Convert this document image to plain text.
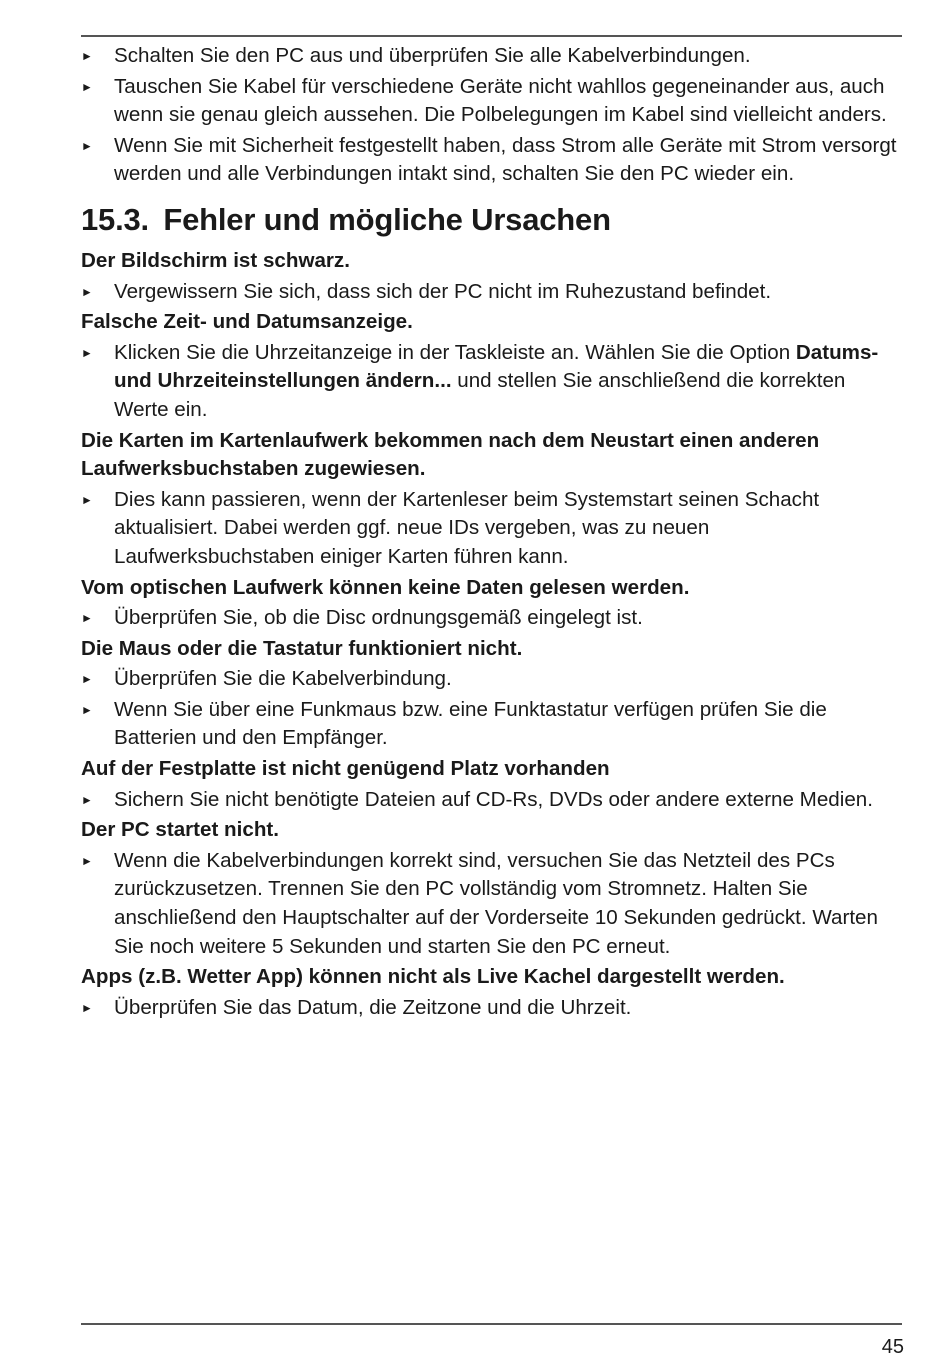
► Schalten Sie den PC aus und überprüfen Sie alle Kabelverbindungen.
► Tauschen Sie Kabel für verschiedene Geräte nicht wahllos gegeneinander aus, auch wenn sie genau gleich aussehen. Die Polbelegungen im Kabel sind vielleicht anders.
► Wenn Sie mit Sicherheit festgestellt haben, dass Strom alle Geräte mit Strom versorgt werden und alle Verbindungen intakt sind, schalten Sie den PC wieder ein.
15.3. Fehler und mögliche Ursachen
Der Bildschirm ist schwarz.
► Vergewissern Sie sich, dass sich der PC nicht im Ruhezustand befindet.
Falsche Zeit- und Datumsanzeige.
► Klicken Sie die Uhrzeitanzeige in der Taskleiste an. Wählen Sie die Option Datums- und Uhrzeiteinstellungen ändern... und stellen Sie anschließend die korrekten Werte ein.
Die Karten im Kartenlaufwerk bekommen nach dem Neustart einen anderen Laufwerksbuchstaben zugewiesen.
► Dies kann passieren, wenn der Kartenleser beim Systemstart seinen Schacht aktualisiert. Dabei werden ggf. neue IDs vergeben, was zu neuen Laufwerksbuchstaben einiger Karten führen kann.
Vom optischen Laufwerk können keine Daten gelesen werden.
► Überprüfen Sie, ob die Disc ordnungsgemäß eingelegt ist.
Die Maus oder die Tastatur funktioniert nicht.
► Überprüfen Sie die Kabelverbindung.
► Wenn Sie über eine Funkmaus bzw. eine Funktastatur verfügen prüfen Sie die Batterien und den Empfänger.
Auf der Festplatte ist nicht genügend Platz vorhanden
► Sichern Sie nicht benötigte Dateien auf CD-Rs, DVDs oder andere externe Medien.
Der PC startet nicht.
► Wenn die Kabelverbindungen korrekt sind, versuchen Sie das Netzteil des PCs zurückzusetzen. Trennen Sie den PC vollständig vom Stromnetz. Halten Sie anschließend den Hauptschalter auf der Vorderseite 10 Sekunden gedrückt. Warten Sie noch weitere 5 Sekunden und starten Sie den PC erneut.
Apps (z.B. Wetter App) können nicht als Live Kachel dargestellt werden.
► Überprüfen Sie das Datum, die Zeitzone und die Uhrzeit.
45
